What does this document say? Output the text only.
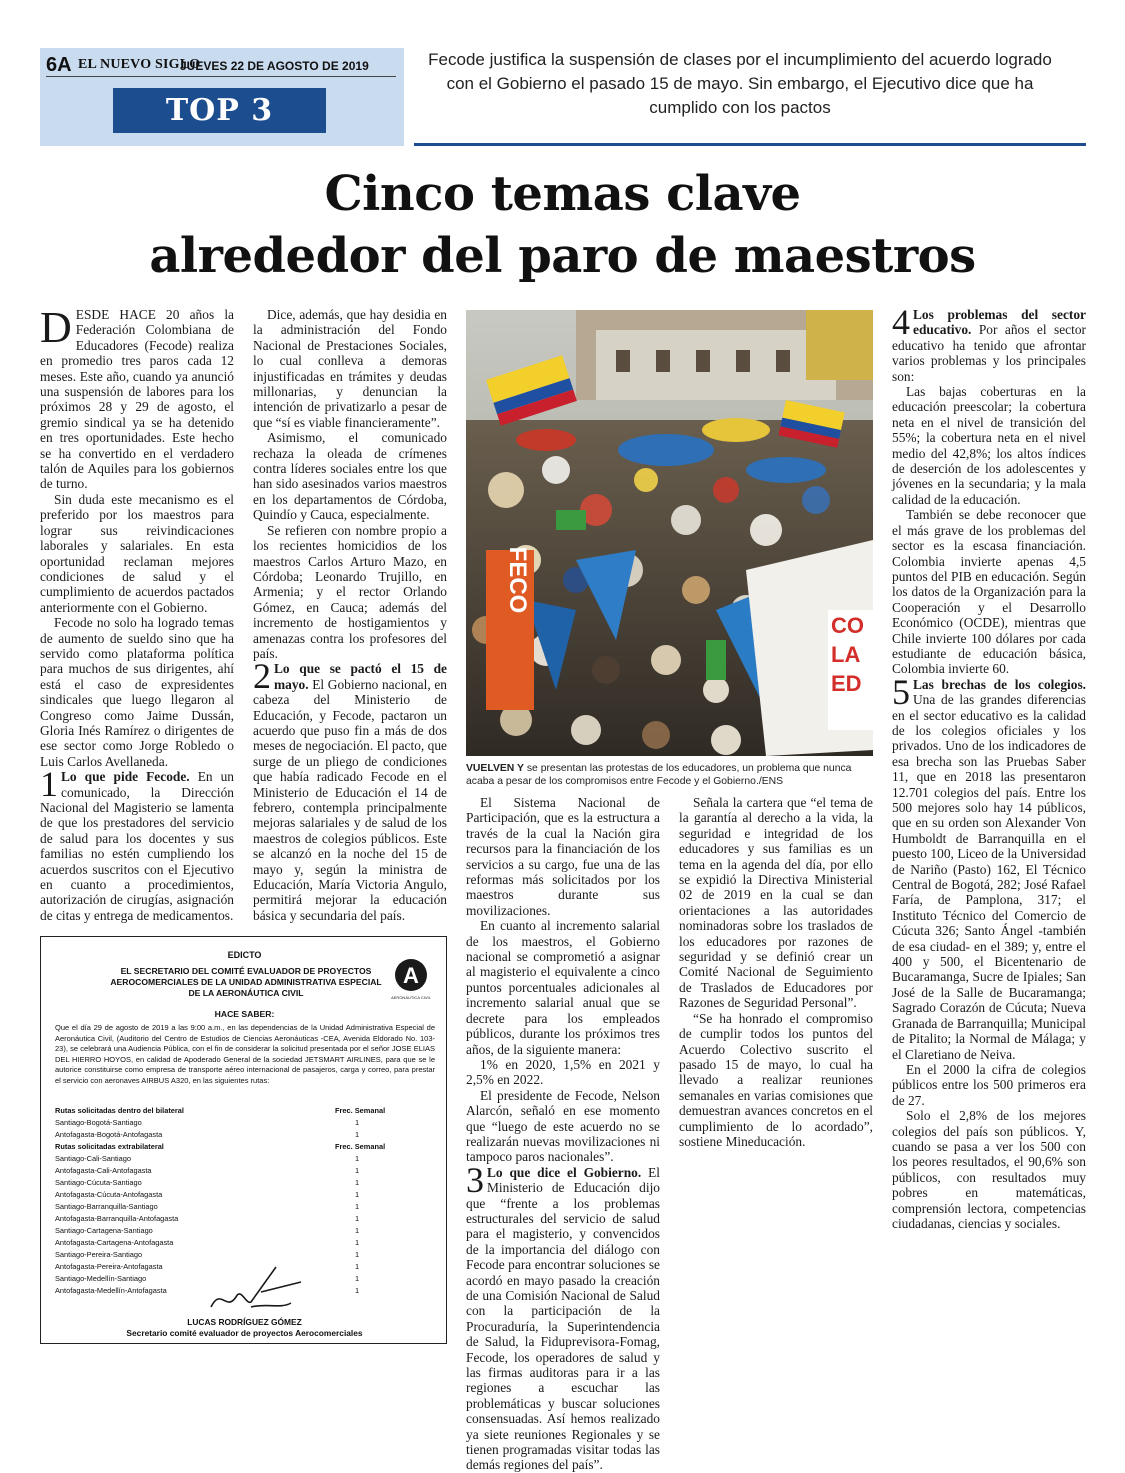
6A EL NUEVO SIGLO
JUEVES 22 DE AGOSTO DE 2019
TOP 3
Fecode justifica la suspensión de clases por el incumplimiento del acuerdo logrado con el Gobierno el pasado 15 de mayo. Sin embargo, el Ejecutivo dice que ha cumplido con los pactos
Cinco temas clave
alrededor del paro de maestros

DESDE HACE 20 años la Federación Colombiana de Educadores (Fecode) realiza en promedio tres paros cada 12 meses. Este año, cuando ya anunció una suspensión de labores para los próximos 28 y 29 de agosto, el gremio sindical ya se ha detenido en tres oportunidades. Este hecho se ha convertido en el verdadero talón de Aquiles para los gobiernos de turno.

Sin duda este mecanismo es el preferido por los maestros para lograr sus reivindicaciones laborales y salariales. En esta oportunidad reclaman mejores condiciones de salud y el cumplimiento de acuerdos pactados anteriormente con el Gobierno.

Fecode no solo ha logrado temas de aumento de sueldo sino que ha servido como plataforma política para muchos de sus dirigentes, ahí está el caso de expresidentes sindicales que luego llegaron al Congreso como Jaime Dussán, Gloria Inés Ramírez o dirigentes de ese sector como Jorge Robledo o Luis Carlos Avellaneda.

1 Lo que pide Fecode. En un comunicado, la Dirección Nacional del Magisterio se lamenta de que los prestadores del servicio de salud para los docentes y sus familias no estén cumpliendo los acuerdos suscritos con el Ejecutivo en cuanto a procedimientos, autorización de cirugías, asignación de citas y entrega de medicamentos.

Dice, además, que hay desidia en la administración del Fondo Nacional de Prestaciones Sociales, lo cual conlleva a demoras injustificadas en trámites y deudas millonarias, y denuncian la intención de privatizarlo a pesar de que “sí es viable financieramente”.

Asimismo, el comunicado rechaza la oleada de crímenes contra líderes sociales entre los que han sido asesinados varios maestros en los departamentos de Córdoba, Quindío y Cauca, especialmente.

Se refieren con nombre propio a los recientes homicidios de los maestros Carlos Arturo Mazo, en Córdoba; Leonardo Trujillo, en Armenia; y el rector Orlando Gómez, en Cauca; además del incremento de hostigamientos y amenazas contra los profesores del país.

2 Lo que se pactó el 15 de mayo. El Gobierno nacional, en cabeza del Ministerio de Educación, y Fecode, pactaron un acuerdo que puso fin a más de dos meses de negociación. El pacto, que surge de un pliego de condiciones que había radicado Fecode en el Ministerio de Educación el 14 de febrero, contempla principalmente mejoras salariales y de salud de los maestros de colegios públicos. Este se alcanzó en la noche del 15 de mayo y, según la ministra de Educación, María Victoria Angulo, permitirá mejorar la educación básica y secundaria del país.

FECO
CO
LA
ED
VUELVEN Y se presentan las protestas de los educadores, un problema que nunca acaba a pesar de los compromisos entre Fecode y el Gobierno./ENS

El Sistema Nacional de Participación, que es la estructura a través de la cual la Nación gira recursos para la financiación de los servicios a su cargo, fue una de las reformas más solicitados por los maestros durante sus movilizaciones.

En cuanto al incremento salarial de los maestros, el Gobierno nacional se comprometió a asignar al magisterio el equivalente a cinco puntos porcentuales adicionales al incremento salarial anual que se decrete para los empleados públicos, durante los próximos tres años, de la siguiente manera:

1% en 2020, 1,5% en 2021 y 2,5% en 2022.

El presidente de Fecode, Nelson Alarcón, señaló en ese momento que “luego de este acuerdo no se realizarán nuevas movilizaciones ni tampoco paros nacionales”.

3 Lo que dice el Gobierno. El Ministerio de Educación dijo que “frente a los problemas estructurales del servicio de salud para el magisterio, y convencidos de la importancia del diálogo con Fecode para encontrar soluciones se acordó en mayo pasado la creación de una Comisión Nacional de Salud con la participación de la Procuraduría, la Superintendencia de Salud, la Fiduprevisora-Fomag, Fecode, los operadores de salud y las firmas auditoras para ir a las regiones a escuchar las problemáticas y buscar soluciones consensuadas. Así hemos realizado ya siete reuniones Regionales y se tienen programadas visitar todas las demás regiones del país”.

Señala la cartera que “el tema de la garantía al derecho a la vida, la seguridad e integridad de los educadores y sus familias es un tema en la agenda del día, por ello se expidió la Directiva Ministerial 02 de 2019 en la cual se dan orientaciones a las autoridades nominadoras sobre los traslados de los educadores por razones de seguridad y se definió crear un Comité Nacional de Seguimiento de Traslados de Educadores por Razones de Seguridad Personal”.

“Se ha honrado el compromiso de cumplir todos los puntos del Acuerdo Colectivo suscrito el pasado 15 de mayo, lo cual ha llevado a realizar reuniones semanales en varias comisiones que demuestran avances concretos en el cumplimiento de lo acordado”, sostiene Mineducación.

4 Los problemas del sector educativo. Por años el sector educativo ha tenido que afrontar varios problemas y los principales son:

Las bajas coberturas en la educación preescolar; la cobertura neta en el nivel de transición del 55%; la cobertura neta en el nivel medio del 42,8%; los altos índices de deserción de los adolescentes y jóvenes en la secundaria; y la mala calidad de la educación.

También se debe reconocer que el más grave de los problemas del sector es la escasa financiación. Colombia invierte apenas 4,5 puntos del PIB en educación. Según los datos de la Organización para la Cooperación y el Desarrollo Económico (OCDE), mientras que Chile invierte 100 dólares por cada estudiante de educación básica, Colombia invierte 60.

5 Las brechas de los colegios. Una de las grandes diferencias en el sector educativo es la calidad de los colegios oficiales y los privados. Uno de los indicadores de esa brecha son las Pruebas Saber 11, que en 2018 las presentaron 12.701 colegios del país. Entre los 500 mejores solo hay 14 públicos, que en su orden son Alexander Von Humboldt de Barranquilla en el puesto 100, Liceo de la Universidad de Nariño (Pasto) 162, El Técnico Central de Bogotá, 282; José Rafael Faría, de Pamplona, 317; el Instituto Técnico del Comercio de Cúcuta 326; Santo Ángel -también de esa ciudad- en el 389; y, entre el 400 y 500, el Bicentenario de Bucaramanga, Sucre de Ipiales; San José de la Salle de Bucaramanga; Sagrado Corazón de Cúcuta; Nueva Granada de Barranquilla; Municipal de Pitalito; la Normal de Málaga; y el Claretiano de Neiva.

En el 2000 la cifra de colegios públicos entre los 500 primeros era de 27.

Solo el 2,8% de los mejores colegios del país son públicos. Y, cuando se pasa a ver los 500 con los peores resultados, el 90,6% son públicos, con resultados muy pobres en matemáticas, comprensión lectora, competencias ciudadanas, ciencias y sociales.

EDICTO
EL SECRETARIO DEL COMITÉ EVALUADOR DE PROYECTOS
AEROCOMERCIALES DE LA UNIDAD ADMINISTRATIVA ESPECIAL
DE LA AERONÁUTICA CIVIL
A
AERONÁUTICA CIVIL
HACE SABER:
Que el día 29 de agosto de 2019 a las 9:00 a.m., en las dependencias de la Unidad Administrativa Especial de Aeronáutica Civil, (Auditorio del Centro de Estudios de Ciencias Aeronáuticas -CEA, Avenida Eldorado No. 103-23), se celebrará una Audiencia Pública, con el fin de considerar la solicitud presentada por el señor JOSE ELIAS DEL HIERRO HOYOS, en calidad de Apoderado General de la sociedad JETSMART AIRLINES, para que se le autorice constituirse como empresa de transporte aéreo internacional de pasajeros, carga y correo, para prestar el servicio con aeronaves AIRBUS A320, en las siguientes rutas:
Rutas solicitadas dentro del bilateral	Frec. Semanal
Santiago-Bogotá-Santiago	1
Antofagasta-Bogotá-Antofagasta	1
Rutas solicitadas extrabilateral	Frec. Semanal
Santiago-Cali-Santiago	1
Antofagasta-Cali-Antofagasta	1
Santiago-Cúcuta-Santiago	1
Antofagasta-Cúcuta-Antofagasta	1
Santiago-Barranquilla-Santiago	1
Antofagasta-Barranquilla-Antofagasta	1
Santiago-Cartagena-Santiago	1
Antofagasta-Cartagena-Antofagasta	1
Santiago-Pereira-Santiago	1
Antofagasta-Pereira-Antofagasta	1
Santiago-Medellín-Santiago	1
Antofagasta-Medellín-Antofagasta	1
LUCAS RODRÍGUEZ GÓMEZ
Secretario comité evaluador de proyectos Aerocomerciales
